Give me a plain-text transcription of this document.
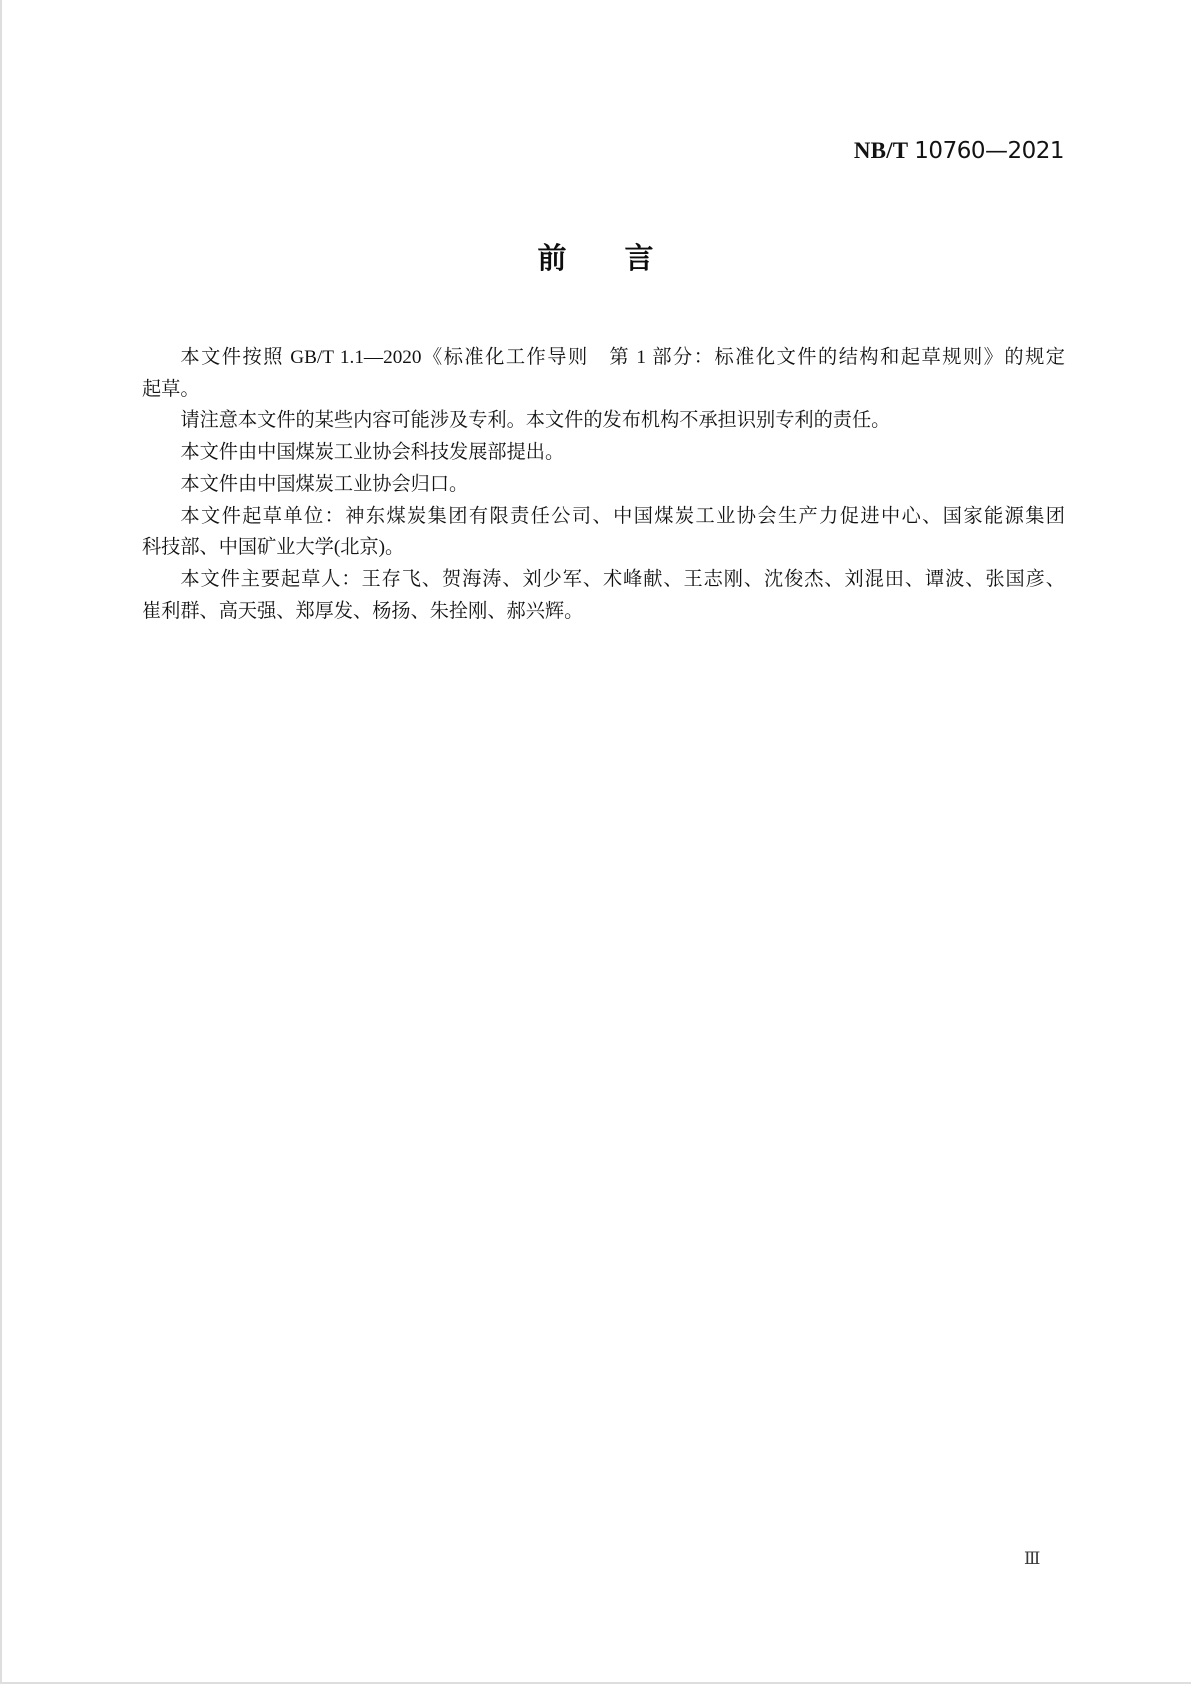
NB/T 10760—2021
前　　言
本文件按照 GB/T 1.1—2020《标准化工作导则　第 1 部分：标准化文件的结构和起草规则》的规定
起草。
请注意本文件的某些内容可能涉及专利。本文件的发布机构不承担识别专利的责任。
本文件由中国煤炭工业协会科技发展部提出。
本文件由中国煤炭工业协会归口。
本文件起草单位：神东煤炭集团有限责任公司、中国煤炭工业协会生产力促进中心、国家能源集团
科技部、中国矿业大学(北京)。
本文件主要起草人：王存飞、贺海涛、刘少军、术峰献、王志刚、沈俊杰、刘混田、谭波、张国彦、
崔利群、高天强、郑厚发、杨扬、朱拴刚、郝兴辉。
Ⅲ
